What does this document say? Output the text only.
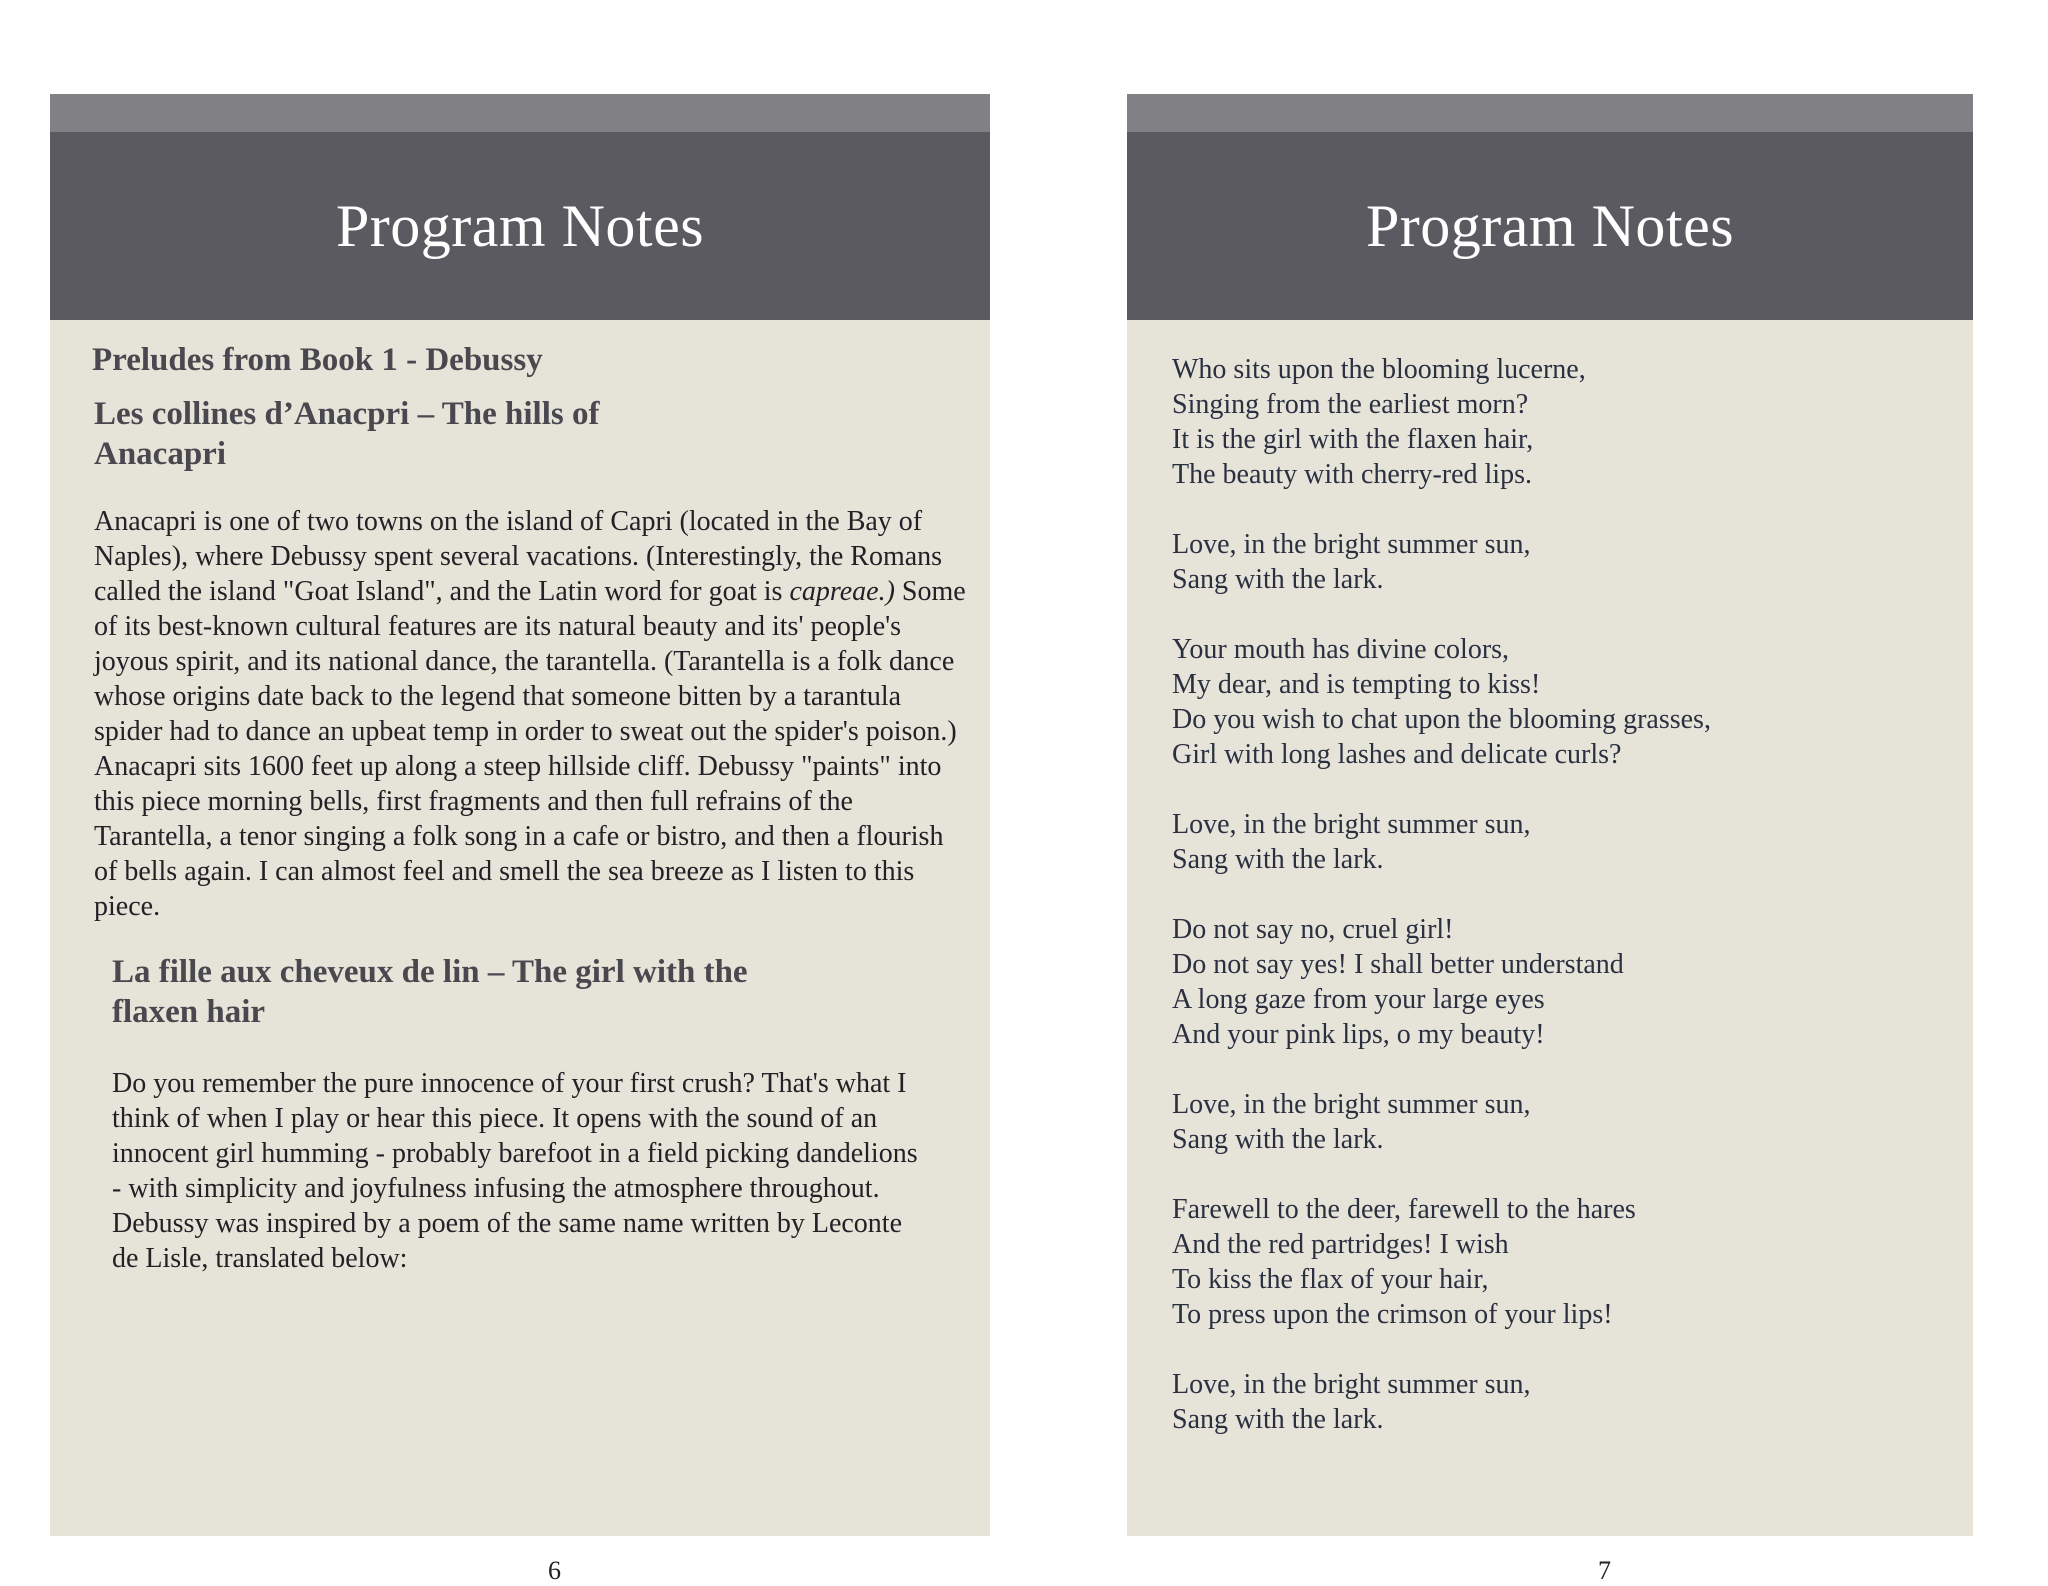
Program Notes
Preludes from Book 1 - Debussy
Les collines d’Anacpri – The hills of Anacapri
Anacapri is one of two towns on the island of Capri (located in the Bay of Naples), where Debussy spent several vacations. (Interestingly, the Romans called the island "Goat Island", and the Latin word for goat is capreae.) Some of its best-known cultural features are its natural beauty and its' people's joyous spirit, and its national dance, the tarantella. (Tarantella is a folk dance whose origins date back to the legend that someone bitten by a tarantula spider had to dance an upbeat temp in order to sweat out the spider's poison.) Anacapri sits 1600 feet up along a steep hillside cliff. Debussy "paints" into this piece morning bells, first fragments and then full refrains of the Tarantella, a tenor singing a folk song in a cafe or bistro, and then a flourish of bells again. I can almost feel and smell the sea breeze as I listen to this piece.
La fille aux cheveux de lin – The girl with the flaxen hair
Do you remember the pure innocence of your first crush? That's what I think of when I play or hear this piece. It opens with the sound of an innocent girl humming - probably barefoot in a field picking dandelions - with simplicity and joyfulness infusing the atmosphere throughout. Debussy was inspired by a poem of the same name written by Leconte de Lisle, translated below:
Program Notes
Who sits upon the blooming lucerne,
Singing from the earliest morn?
It is the girl with the flaxen hair,
The beauty with cherry-red lips.
Love, in the bright summer sun,
Sang with the lark.
Your mouth has divine colors,
My dear, and is tempting to kiss!
Do you wish to chat upon the blooming grasses,
Girl with long lashes and delicate curls?
Love, in the bright summer sun,
Sang with the lark.
Do not say no, cruel girl!
Do not say yes! I shall better understand
A long gaze from your large eyes
And your pink lips, o my beauty!
Love, in the bright summer sun,
Sang with the lark.
Farewell to the deer, farewell to the hares
And the red partridges! I wish
To kiss the flax of your hair,
To press upon the crimson of your lips!
Love, in the bright summer sun,
Sang with the lark.
6	7
